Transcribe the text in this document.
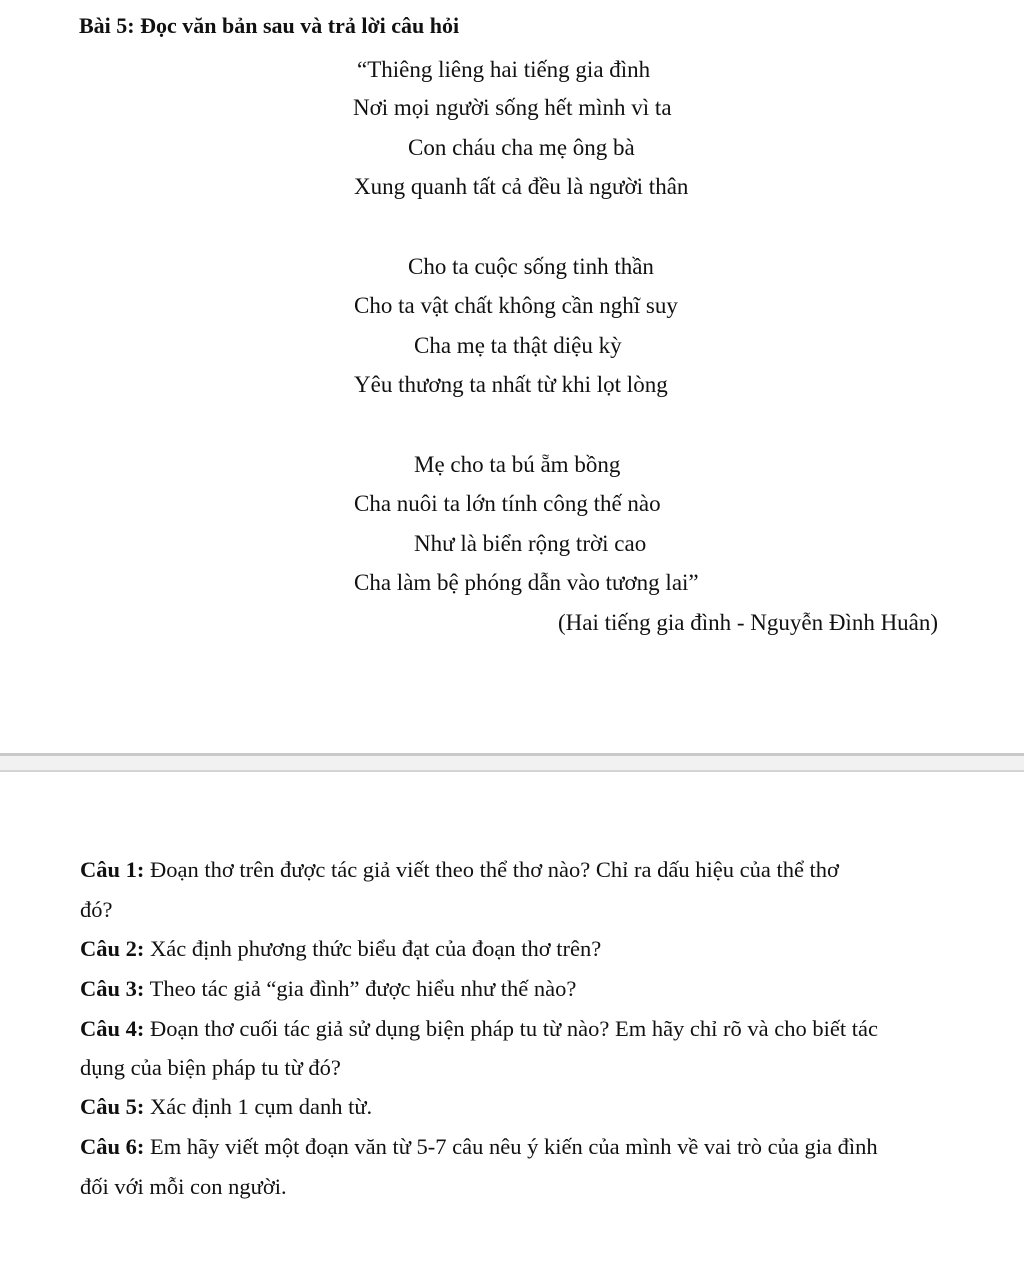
Bài 5: Đọc văn bản sau và trả lời câu hỏi
“Thiêng liêng hai tiếng gia đình
Nơi mọi người sống hết mình vì ta
Con cháu cha mẹ ông bà
Xung quanh tất cả đều là người thân
Cho ta cuộc sống tinh thần
Cho ta vật chất không cần nghĩ suy
Cha mẹ ta thật diệu kỳ
Yêu thương ta nhất từ khi lọt lòng
Mẹ cho ta bú ẵm bồng
Cha nuôi ta lớn tính công thế nào
Như là biển rộng trời cao
Cha làm bệ phóng dẫn vào tương lai”
(Hai tiếng gia đình - Nguyễn Đình Huân)
Câu 1: Đoạn thơ trên được tác giả viết theo thể thơ nào? Chỉ ra dấu hiệu của thể thơ
đó?
Câu 2: Xác định phương thức biểu đạt của đoạn thơ trên?
Câu 3: Theo tác giả “gia đình” được hiểu như thế nào?
Câu 4: Đoạn thơ cuối tác giả sử dụng biện pháp tu từ nào? Em hãy chỉ rõ và cho biết tác
dụng của biện pháp tu từ đó?
Câu 5: Xác định 1 cụm danh từ.
Câu 6: Em hãy viết một đoạn văn từ 5-7 câu nêu ý kiến của mình về vai trò của gia đình
đối với mỗi con người.
